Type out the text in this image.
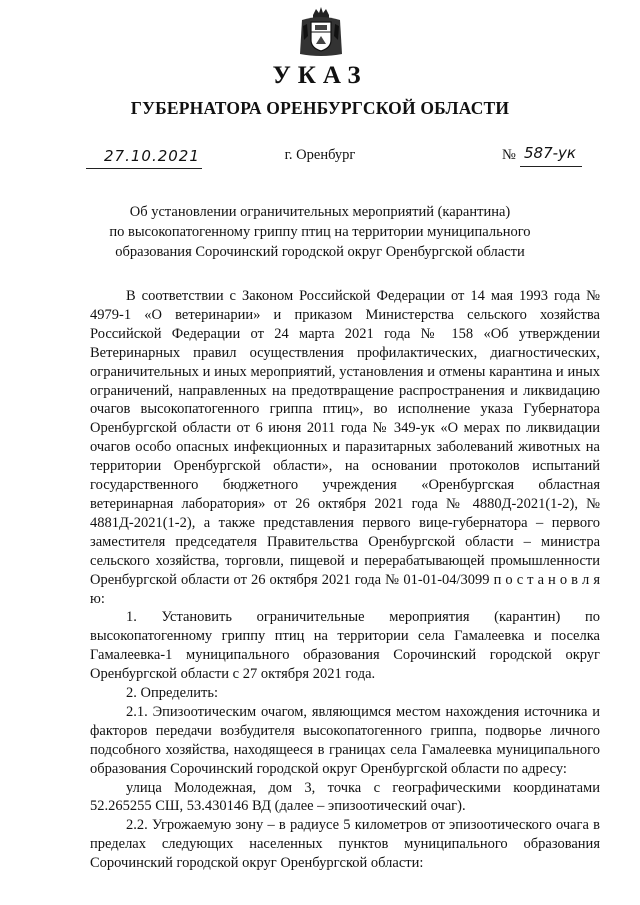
УКАЗ
ГУБЕРНАТОРА ОРЕНБУРГСКОЙ ОБЛАСТИ
27.10.2021	г. Оренбург	№ 587-ук
Об установлении ограничительных мероприятий (карантина)
по высокопатогенному гриппу птиц на территории муниципального
образования Сорочинский городской округ Оренбургской области

В соответствии с Законом Российской Федерации от 14 мая 1993 года № 4979-1 «О ветеринарии» и приказом Министерства сельского хозяйства Российской Федерации от 24 марта 2021 года № 158 «Об утверждении Ветеринарных правил осуществления профилактических, диагностических, ограничительных и иных мероприятий, установления и отмены карантина и иных ограничений, направленных на предотвращение распространения и ликвидацию очагов высокопатогенного гриппа птиц», во исполнение указа Губернатора Оренбургской области от 6 июня 2011 года № 349-ук «О мерах по ликвидации очагов особо опасных инфекционных и паразитарных заболеваний животных на территории Оренбургской области», на основании протоколов испытаний государственного бюджетного учреждения «Оренбургская областная ветеринарная лаборатория» от 26 октября 2021 года № 4880Д-2021(1-2), № 4881Д-2021(1-2), а также представления первого вице-губернатора – первого заместителя председателя Правительства Оренбургской области – министра сельского хозяйства, торговли, пищевой и перерабатывающей промышленности Оренбургской области от 26 октября 2021 года № 01-01-04/3099 п о с т а н о в л я ю:

1. Установить ограничительные мероприятия (карантин) по высокопатогенному гриппу птиц на территории села Гамалеевка и поселка Гамалеевка-1 муниципального образования Сорочинский городской округ Оренбургской области с 27 октября 2021 года.

2. Определить:

2.1. Эпизоотическим очагом, являющимся местом нахождения источника и факторов передачи возбудителя высокопатогенного гриппа, подворье личного подсобного хозяйства, находящееся в границах села Гамалеевка муниципального образования Сорочинский городской округ Оренбургской области по адресу:

улица Молодежная, дом 3, точка с географическими координатами 52.265255 СШ, 53.430146 ВД (далее – эпизоотический очаг).

2.2. Угрожаемую зону – в радиусе 5 километров от эпизоотического очага в пределах следующих населенных пунктов муниципального образования Сорочинский городской округ Оренбургской области:
